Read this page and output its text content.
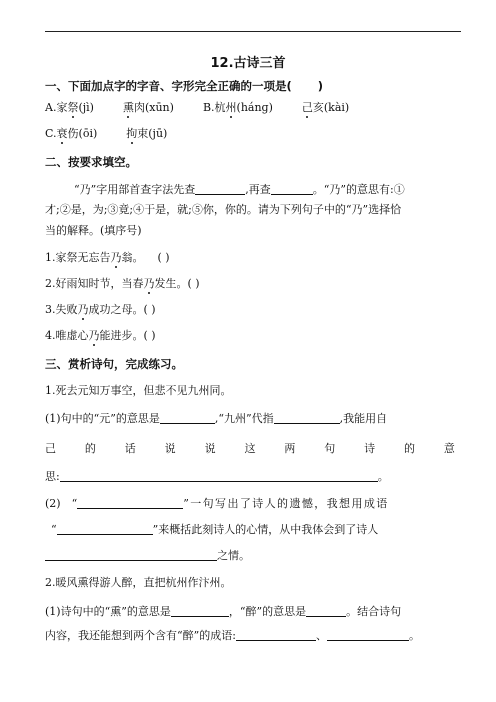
12.古诗三首
一、下面加点字的字音、字形完全正确的一项是( )
A.家祭(jì)	熏肉(xūn)	B.杭州(hánɡ)	己亥(kài)
C.衰伤(ōi)	拘束(jū)
二、按要求填空。
“乃”字用部首查字法先查	,再查	。“乃”的意思有:①
才;②是，为;③竟;④于是，就;⑤你，你的。请为下列句子中的“乃”选择恰
当的解释。(填序号)
1.家祭无忘告乃翁。 ( )
2.好雨知时节，当春乃发生。( )
3.失败乃成功之母。( )
4.唯虚心乃能进步。( )
三、赏析诗句，完成练习。
1.死去元知万事空，但悲不见九州同。
(1)句中的“元”的意思是	,“九州”代指	,我能用自
己	的	话	说	说	这	两	句	诗	的	意
思:	。
(2)　“	”一句写出了诗人的遗憾，我想用成语
“	”来概括此刻诗人的心情，从中我体会到了诗人
之情。
2.暖风熏得游人醉，直把杭州作汴州。
(1)诗句中的“熏”的意思是	，“醉”的意思是	。结合诗句
内容，我还能想到两个含有“醉”的成语:	、	。
